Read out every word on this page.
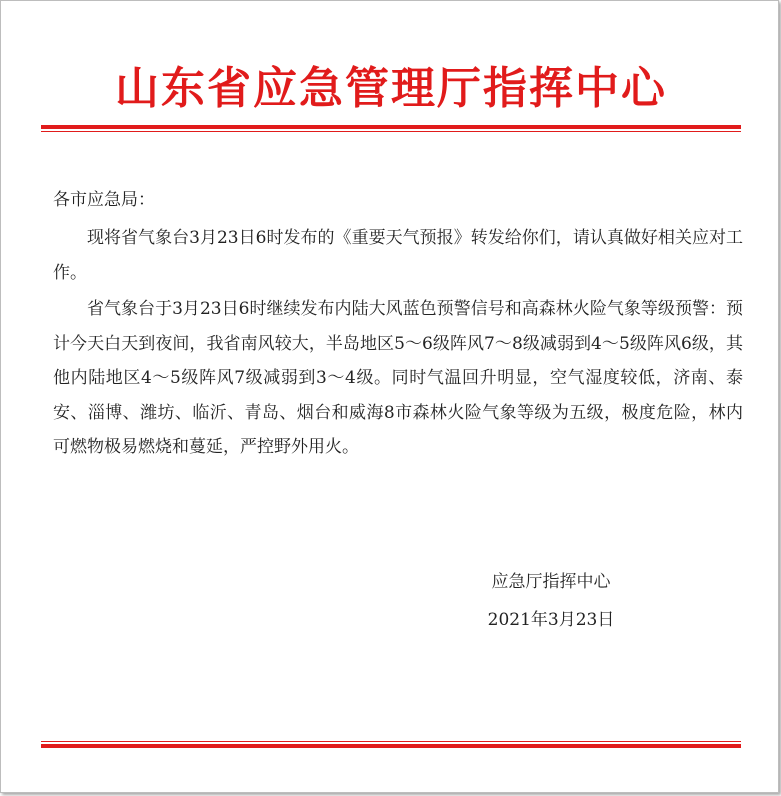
山东省应急管理厅指挥中心
各市应急局：
现将省气象台3月23日6时发布的《重要天气预报》转发给你们，请认真做好相关应对工作。
省气象台于3月23日6时继续发布内陆大风蓝色预警信号和高森林火险气象等级预警：预计今天白天到夜间，我省南风较大，半岛地区5～6级阵风7～8级减弱到4～5级阵风6级，其他内陆地区4～5级阵风7级减弱到3～4级。同时气温回升明显，空气湿度较低，济南、泰安、淄博、潍坊、临沂、青岛、烟台和威海8市森林火险气象等级为五级，极度危险，林内可燃物极易燃烧和蔓延，严控野外用火。
应急厅指挥中心
2021年3月23日
